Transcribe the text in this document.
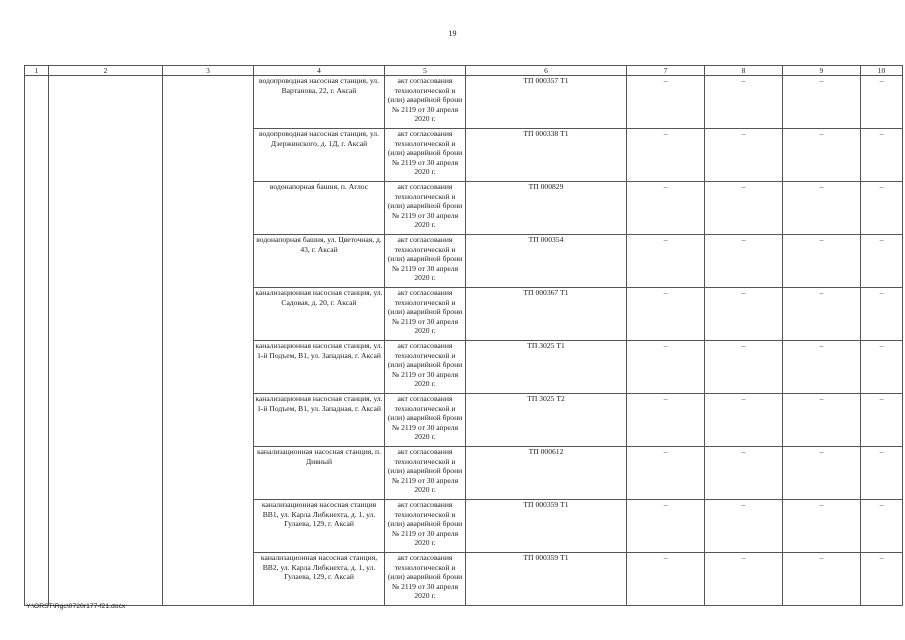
19
1	2	3	4	5	6	7	8	9	10

			водопроводная насосная станция, ул. Вартанова, 22, г. Аксай	акт согласования технологической и (или) аварийной брони № 2119 от 30 апреля 2020 г.	ТП 000357 Т1	–	–	–	–

			водопроводная насосная станция, ул. Дзержинского, д. 1Д, г. Аксай	акт согласования технологической и (или) аварийной брони № 2119 от 30 апреля 2020 г.	ТП 000338 Т1	–	–	–	–

			водонапорная башня, п. Аглос	акт согласования технологической и (или) аварийной брони № 2119 от 30 апреля 2020 г.	ТП 000829	–	–	–	–

			водонапорная башня, ул. Цветочная, д. 43, г. Аксай	акт согласования технологической и (или) аварийной брони № 2119 от 30 апреля 2020 г.	ТП 000354	–	–	–	–

			канализационная насосная станция, ул. Садовая, д. 20, г. Аксай	акт согласования технологической и (или) аварийной брони № 2119 от 30 апреля 2020 г.	ТП 000367 Т1	–	–	–	–

			канализационная насосная станция, ул. 1-й Подъем, В1, ул. Западная, г. Аксай	акт согласования технологической и (или) аварийной брони № 2119 от 30 апреля 2020 г.	ТП 3025 Т1	–	–	–	–

			канализационная насосная станция, ул. 1-й Подъем, В1, ул. Западная, г. Аксай	акт согласования технологической и (или) аварийной брони № 2119 от 30 апреля 2020 г.	ТП 3025 Т2	–	–	–	–

			канализационная насосная станция, п. Дивный	акт согласования технологической и (или) аварийной брони № 2119 от 30 апреля 2020 г.	ТП 000612	–	–	–	–

			канализационная насосная станция ВВ1, ул. Карла Либкнехта, д. 1, ул. Гулаева, 129, г. Аксай	акт согласования технологической и (или) аварийной брони № 2119 от 30 апреля 2020 г.	ТП 000359 Т1	–	–	–	–

			канализационная насосная станция, ВВ2, ул. Карла Либкнехта, д. 1, ул. Гулаева, 129, г. Аксай	акт согласования технологической и (или) аварийной брони № 2119 от 30 апреля 2020 г.	ТП 000359 Т1	–	–	–	–
Y:\ORST\Rgc\0720r177-f21.docx
